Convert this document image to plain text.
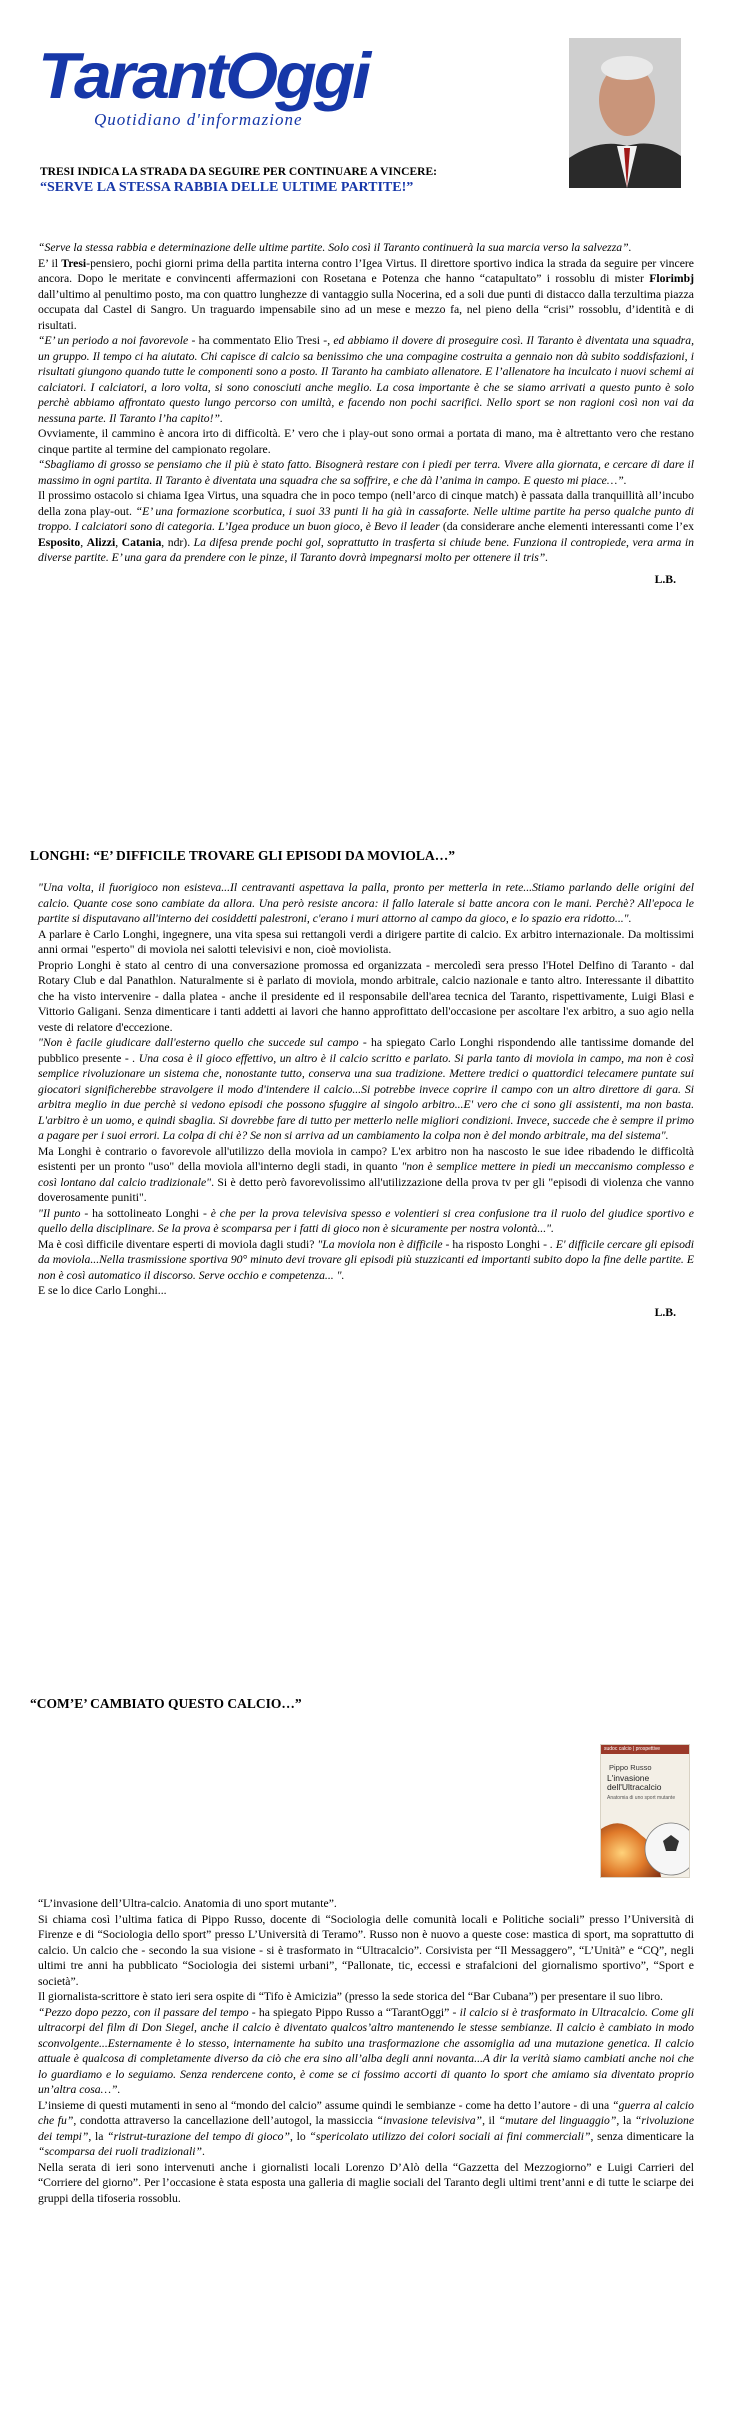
TarantOggi
Quotidiano d'informazione
TRESI INDICA LA STRADA DA SEGUIRE PER CONTINUARE A VINCERE:
“SERVE LA STESSA RABBIA DELLE ULTIME PARTITE!”

“Serve la stessa rabbia e determinazione delle ultime partite. Solo così il Taranto continuerà la sua marcia verso la salvezza”.

E’ il Tresi-pensiero, pochi giorni prima della partita interna contro l’Igea Virtus. Il direttore sportivo indica la strada da seguire per vincere ancora. Dopo le meritate e convincenti affermazioni con Rosetana e Potenza che hanno “catapultato” i rossoblu di mister Florimbj dall’ultimo al penultimo posto, ma con quattro lunghezze di vantaggio sulla Nocerina, ed a soli due punti di distacco dalla terzultima piazza occupata dal Castel di Sangro. Un traguardo impensabile sino ad un mese e mezzo fa, nel pieno della “crisi” rossoblu, d’identità e di risultati.

“E’ un periodo a noi favorevole - ha commentato Elio Tresi -, ed abbiamo il dovere di proseguire così. Il Taranto è diventata una squadra, un gruppo. Il tempo ci ha aiutato. Chi capisce di calcio sa benissimo che una compagine costruita a gennaio non dà subito soddisfazioni, i risultati giungono quando tutte le componenti sono a posto. Il Taranto ha cambiato allenatore. E l’allenatore ha inculcato i nuovi schemi ai calciatori. I calciatori, a loro volta, si sono conosciuti anche meglio. La cosa importante è che se siamo arrivati a questo punto è solo perchè abbiamo affrontato questo lungo percorso con umiltà, e facendo non pochi sacrifici. Nello sport se non ragioni così non vai da nessuna parte. Il Taranto l’ha capito!”.

Ovviamente, il cammino è ancora irto di difficoltà. E’ vero che i play-out sono ormai a portata di mano, ma è altrettanto vero che restano cinque partite al termine del campionato regolare.

“Sbagliamo di grosso se pensiamo che il più è stato fatto. Bisognerà restare con i piedi per terra. Vivere alla giornata, e cercare di dare il massimo in ogni partita. Il Taranto è diventata una squadra che sa soffrire, e che dà l’anima in campo. E questo mi piace…”.

Il prossimo ostacolo si chiama Igea Virtus, una squadra che in poco tempo (nell’arco di cinque match) è passata dalla tranquillità all’incubo della zona play-out. “E’ una formazione scorbutica, i suoi 33 punti li ha già in cassaforte. Nelle ultime partite ha perso qualche punto di troppo. I calciatori sono di categoria. L’Igea produce un buon gioco, è Bevo il leader (da considerare anche elementi interessanti come l’ex Esposito, Alizzi, Catania, ndr). La difesa prende pochi gol, soprattutto in trasferta si chiude bene. Funziona il contropiede, vera arma in diverse partite. E’ una gara da prendere con le pinze, il Taranto dovrà impegnarsi molto per ottenere il tris”.

L.B.

LONGHI: “E’ DIFFICILE TROVARE GLI EPISODI DA MOVIOLA…”

"Una volta, il fuorigioco non esisteva...Il centravanti aspettava la palla, pronto per metterla in rete...Stiamo parlando delle origini del calcio. Quante cose sono cambiate da allora. Una però resiste ancora: il fallo laterale si batte ancora con le mani. Perchè? All'epoca le partite si disputavano all'interno dei cosiddetti palestroni, c'erano i muri attorno al campo da gioco, e lo spazio era ridotto...".

A parlare è Carlo Longhi, ingegnere, una vita spesa sui rettangoli verdi a dirigere partite di calcio. Ex arbitro internazionale. Da moltissimi anni ormai "esperto" di moviola nei salotti televisivi e non, cioè moviolista.

Proprio Longhi è stato al centro di una conversazione promossa ed organizzata - mercoledì sera presso l'Hotel Delfino di Taranto - dal Rotary Club e dal Panathlon. Naturalmente si è parlato di moviola, mondo arbitrale, calcio nazionale e tanto altro. Interessante il dibattito che ha visto intervenire - dalla platea - anche il presidente ed il responsabile dell'area tecnica del Taranto, rispettivamente, Luigi Blasi e Vittorio Galigani. Senza dimenticare i tanti addetti ai lavori che hanno approfittato dell'occasione per ascoltare l'ex arbitro, a suo agio nella veste di relatore d'eccezione.

"Non è facile giudicare dall'esterno quello che succede sul campo - ha spiegato Carlo Longhi rispondendo alle tantissime domande del pubblico presente - . Una cosa è il gioco effettivo, un altro è il calcio scritto e parlato. Si parla tanto di moviola in campo, ma non è così semplice rivoluzionare un sistema che, nonostante tutto, conserva una sua tradizione. Mettere tredici o quattordici telecamere puntate sui giocatori significherebbe stravolgere il modo d'intendere il calcio...Si potrebbe invece coprire il campo con un altro direttore di gara. Si arbitra meglio in due perchè si vedono episodi che possono sfuggire al singolo arbitro...E' vero che ci sono gli assistenti, ma non basta. L'arbitro è un uomo, e quindi sbaglia. Si dovrebbe fare di tutto per metterlo nelle migliori condizioni. Invece, succede che è sempre il primo a pagare per i suoi errori. La colpa di chi è? Se non si arriva ad un cambiamento la colpa non è del mondo arbitrale, ma del sistema".

Ma Longhi è contrario o favorevole all'utilizzo della moviola in campo? L'ex arbitro non ha nascosto le sue idee ribadendo le difficoltà esistenti per un pronto "uso" della moviola all'interno degli stadi, in quanto "non è semplice mettere in piedi un meccanismo complesso e così lontano dal calcio tradizionale". Si è detto però favorevolissimo all'utilizzazione della prova tv per gli "episodi di violenza che vanno doverosamente puniti".

"Il punto - ha sottolineato Longhi - è che per la prova televisiva spesso e volentieri si crea confusione tra il ruolo del giudice sportivo e quello della disciplinare. Se la prova è scomparsa per i fatti di gioco non è sicuramente per nostra volontà...".

Ma è così difficile diventare esperti di moviola dagli studi? "La moviola non è difficile - ha risposto Longhi - . E' difficile cercare gli episodi da moviola...Nella trasmissione sportiva 90° minuto devi trovare gli episodi più stuzzicanti ed importanti subito dopo la fine delle partite. E non è così automatico il discorso. Serve occhio e competenza... ".

E se lo dice Carlo Longhi...

L.B.

“COM’E’ CAMBIATO QUESTO CALCIO…”
sudoc calcio | prospettive
Pippo Russo
L'invasione dell'Ultracalcio
Anatomia di uno sport mutante

“L’invasione dell’Ultra-calcio. Anatomia di uno sport mutante”.

Si chiama così l’ultima fatica di Pippo Russo, docente di “Sociologia delle comunità locali e Politiche sociali” presso l’Università di Firenze e di “Sociologia dello sport” presso L’Università di Teramo”. Russo non è nuovo a queste cose: mastica di sport, ma soprattutto di calcio. Un calcio che - secondo la sua visione - si è trasformato in “Ultracalcio”. Corsivista per “Il Messaggero”, “L’Unità” e “CQ”, negli ultimi tre anni ha pubblicato “Sociologia dei sistemi urbani”, “Pallonate, tic, eccessi e strafalcioni del giornalismo sportivo”, “Sport e società”.

Il giornalista-scrittore è stato ieri sera ospite di “Tifo è Amicizia” (presso la sede storica del “Bar Cubana”) per presentare il suo libro.

“Pezzo dopo pezzo, con il passare del tempo - ha spiegato Pippo Russo a “TarantOggi” - il calcio si è trasformato in Ultracalcio. Come gli ultracorpi del film di Don Siegel, anche il calcio è diventato qualcos’altro mantenendo le stesse sembianze. Il calcio è cambiato in modo sconvolgente...Esternamente è lo stesso, internamente ha subito una trasformazione che assomiglia ad una mutazione genetica. Il calcio attuale è qualcosa di completamente diverso da ciò che era sino all’alba degli anni novanta...A dir la verità siamo cambiati anche noi che lo guardiamo e lo seguiamo. Senza rendercene conto, è come se ci fossimo accorti di quanto lo sport che amiamo sia diventato proprio un’altra cosa…”.

L’insieme di questi mutamenti in seno al “mondo del calcio” assume quindi le sembianze - come ha detto l’autore - di una “guerra al calcio che fu”, condotta attraverso la cancellazione dell’autogol, la massiccia “invasione televisiva”, il “mutare del linguaggio”, la “rivoluzione dei tempi”, la “ristrut-turazione del tempo di gioco”, lo “spericolato utilizzo dei colori sociali ai fini commerciali”, senza dimenticare la “scomparsa dei ruoli tradizionali”.

Nella serata di ieri sono intervenuti anche i giornalisti locali Lorenzo D’Alò della “Gazzetta del Mezzogiorno” e Luigi Carrieri del “Corriere del giorno”. Per l’occasione è stata esposta una galleria di maglie sociali del Taranto degli ultimi trent’anni e di tutte le sciarpe dei gruppi della tifoseria rossoblu.
